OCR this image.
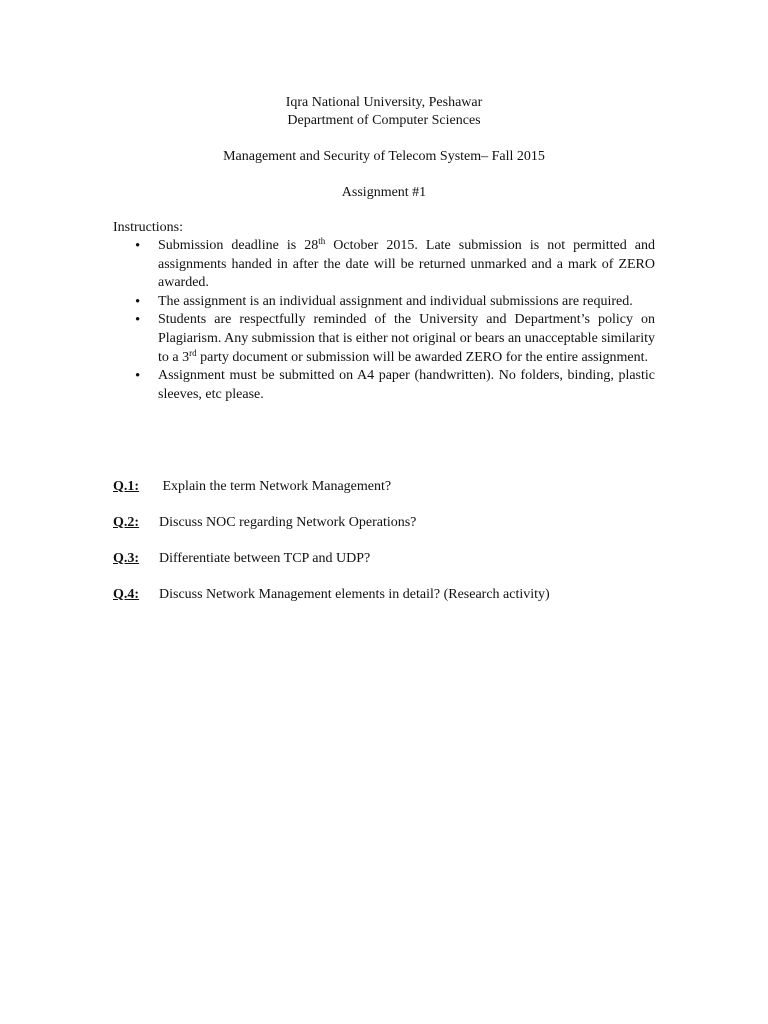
Iqra National University, Peshawar
Department of Computer Sciences
Management and Security of Telecom System– Fall 2015
Assignment #1
Instructions:
• Submission deadline is 28th October 2015. Late submission is not permitted and assignments handed in after the date will be returned unmarked and a mark of ZERO awarded.
• The assignment is an individual assignment and individual submissions are required.
• Students are respectfully reminded of the University and Department’s policy on Plagiarism. Any submission that is either not original or bears an unacceptable similarity to a 3rd party document or submission will be awarded ZERO for the entire assignment.
• Assignment must be submitted on A4 paper (handwritten). No folders, binding, plastic sleeves, etc please.
Q.1: Explain the term Network Management?
Q.2: Discuss NOC regarding Network Operations?
Q.3: Differentiate between TCP and UDP?
Q.4: Discuss Network Management elements in detail? (Research activity)
